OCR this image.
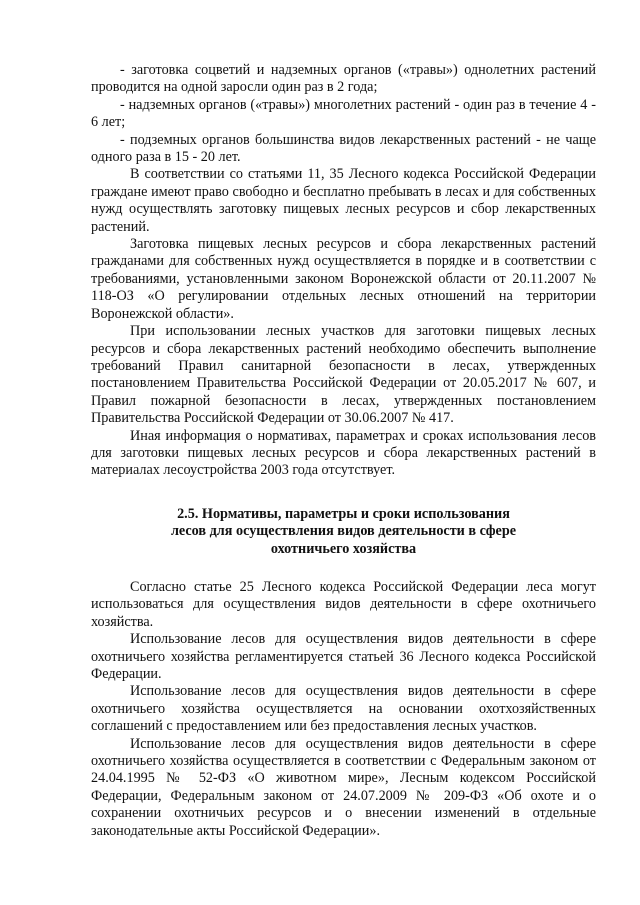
- заготовка соцветий и надземных органов («травы») однолетних растений проводится на одной заросли один раз в 2 года;

- надземных органов («травы») многолетних растений - один раз в течение 4 - 6 лет;

- подземных органов большинства видов лекарственных растений - не чаще одного раза в 15 - 20 лет.

В соответствии со статьями 11, 35 Лесного кодекса Российской Федерации граждане имеют право свободно и бесплатно пребывать в лесах и для собственных нужд осуществлять заготовку пищевых лесных ресурсов и сбор лекарственных растений.

Заготовка пищевых лесных ресурсов и сбора лекарственных растений гражданами для собственных нужд осуществляется в порядке и в соответствии с требованиями, установленными законом Воронежской области от 20.11.2007 № 118-ОЗ «О регулировании отдельных лесных отношений на территории Воронежской области».

При использовании лесных участков для заготовки пищевых лесных ресурсов и сбора лекарственных растений необходимо обеспечить выполнение требований Правил санитарной безопасности в лесах, утвержденных постановлением Правительства Российской Федерации от 20.05.2017 № 607, и Правил пожарной безопасности в лесах, утвержденных постановлением Правительства Российской Федерации от 30.06.2007 № 417.

Иная информация о нормативах, параметрах и сроках использования лесов для заготовки пищевых лесных ресурсов и сбора лекарственных растений в материалах лесоустройства 2003 года отсутствует.

2.5. Нормативы, параметры и сроки использования
лесов для осуществления видов деятельности в сфере
охотничьего хозяйства

Согласно статье 25 Лесного кодекса Российской Федерации леса могут использоваться для осуществления видов деятельности в сфере охотничьего хозяйства.

Использование лесов для осуществления видов деятельности в сфере охотничьего хозяйства регламентируется статьей 36 Лесного кодекса Российской Федерации.

Использование лесов для осуществления видов деятельности в сфере охотничьего хозяйства осуществляется на основании охотхозяйственных соглашений с предоставлением или без предоставления лесных участков.

Использование лесов для осуществления видов деятельности в сфере охотничьего хозяйства осуществляется в соответствии с Федеральным законом от 24.04.1995 № 52-ФЗ «О животном мире», Лесным кодексом Российской Федерации, Федеральным законом от 24.07.2009 № 209-ФЗ «Об охоте и о сохранении охотничьих ресурсов и о внесении изменений в отдельные законодательные акты Российской Федерации».
